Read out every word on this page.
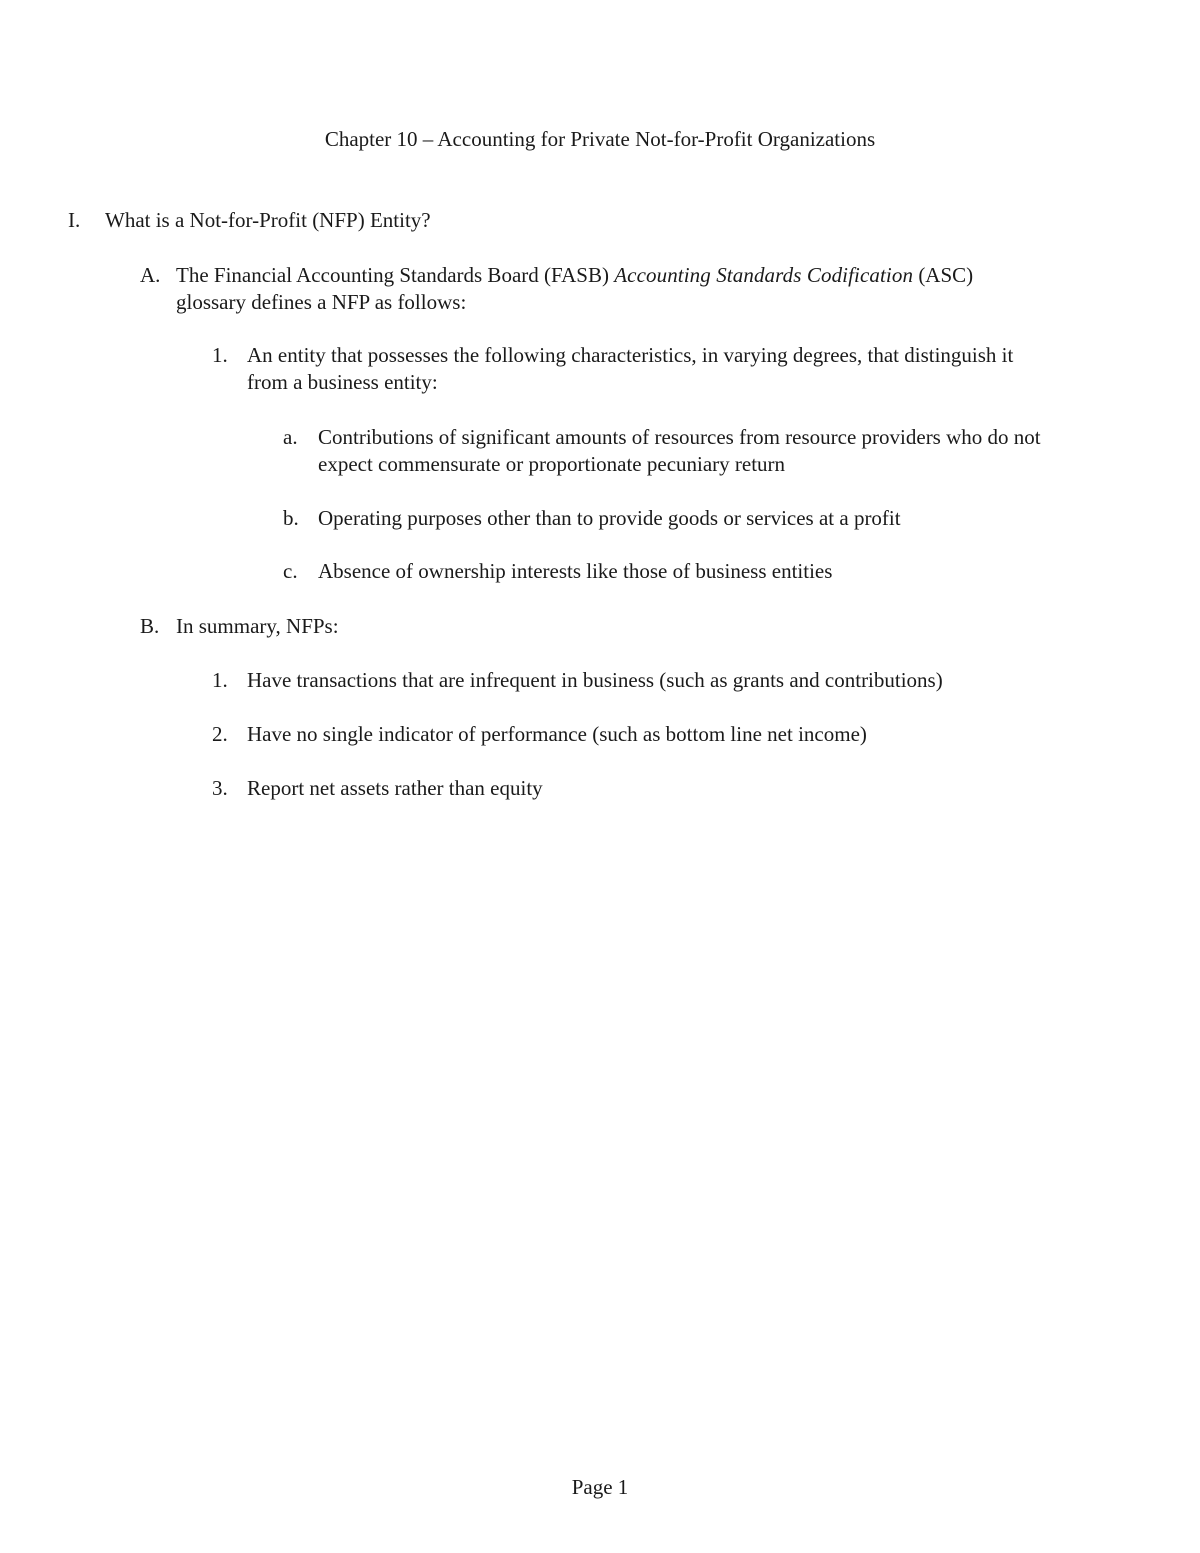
Chapter 10 – Accounting for Private Not-for-Profit Organizations
I. What is a Not-for-Profit (NFP) Entity?
A. The Financial Accounting Standards Board (FASB) Accounting Standards Codification (ASC)
glossary defines a NFP as follows:
1. An entity that possesses the following characteristics, in varying degrees, that distinguish it
from a business entity:
a. Contributions of significant amounts of resources from resource providers who do not
expect commensurate or proportionate pecuniary return
b. Operating purposes other than to provide goods or services at a profit
c. Absence of ownership interests like those of business entities
B. In summary, NFPs:
1. Have transactions that are infrequent in business (such as grants and contributions)
2. Have no single indicator of performance (such as bottom line net income)
3. Report net assets rather than equity
Page 1
